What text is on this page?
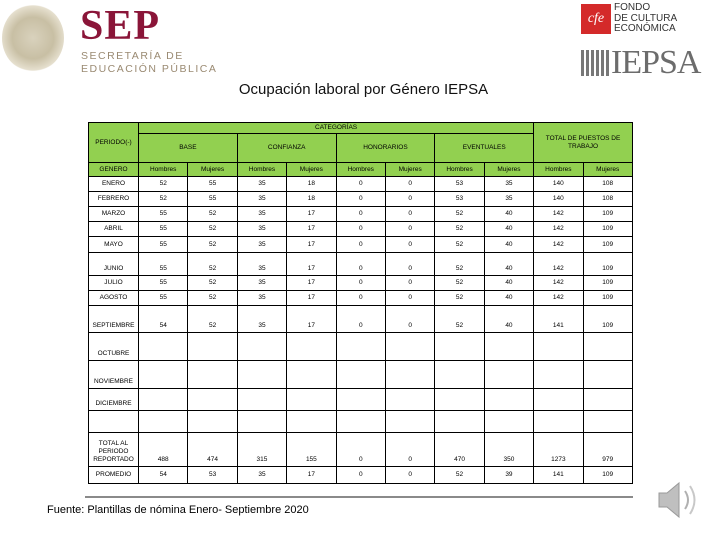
SEP
SECRETARÍA DE
EDUCACIÓN PÚBLICA
cfe
FONDO
DE CULTURA
ECONÓMICA
IEPSA
Ocupación laboral por Género IEPSA
PERIODO(-)	CATEGORÍAS								TOTAL DE PUESTOS DE TRABAJO	
	BASE		CONFIANZA		HONORARIOS		EVENTUALES			
GENERO	Hombres	Mujeres	Hombres	Mujeres	Hombres	Mujeres	Hombres	Mujeres	Hombres	Mujeres
ENERO	52	55	35	18	0	0	53	35	140	108
FEBRERO	52	55	35	18	0	0	53	35	140	108
MARZO	55	52	35	17	0	0	52	40	142	109
ABRIL	55	52	35	17	0	0	52	40	142	109
MAYO	55	52	35	17	0	0	52	40	142	109
JUNIO	55	52	35	17	0	0	52	40	142	109
JULIO	55	52	35	17	0	0	52	40	142	109
AGOSTO	55	52	35	17	0	0	52	40	142	109
SEPTIEMBRE	54	52	35	17	0	0	52	40	141	109
OCTUBRE										
NOVIEMBRE										
DICIEMBRE										

TOTAL AL PERIODO REPORTADO	488	474	315	155	0	0	470	350	1273	979
PROMEDIO	54	53	35	17	0	0	52	39	141	109
Fuente: Plantillas de nómina Enero- Septiembre 2020
